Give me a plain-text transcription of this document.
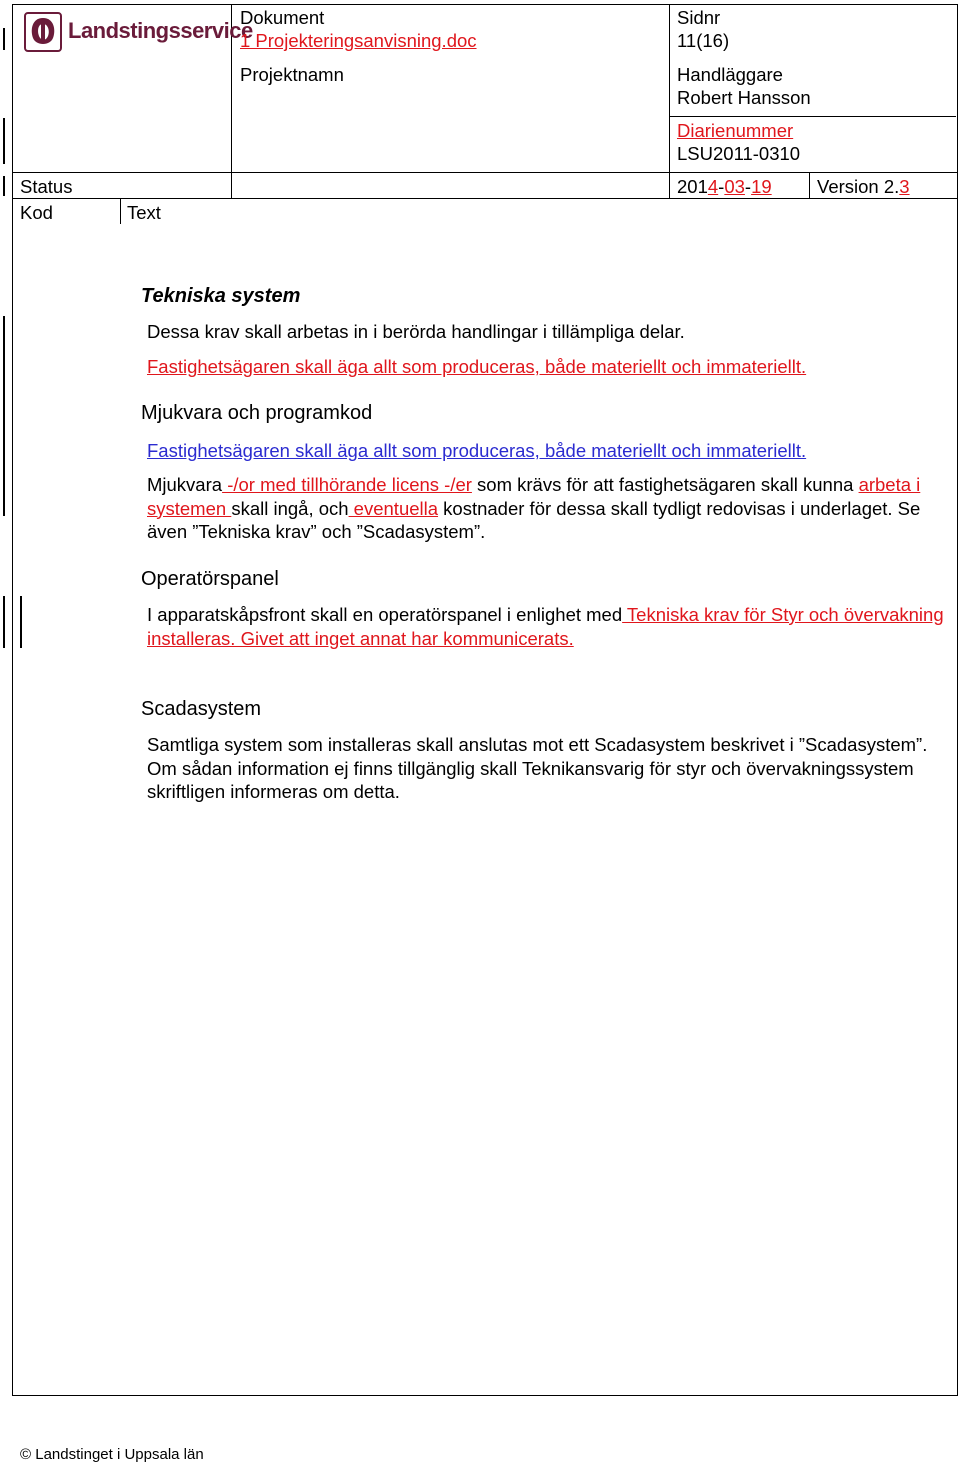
Landstingsservice
Dokument
1 Projekteringsanvisning.doc
Projektnamn
Sidnr
11(16)
Handläggare
Robert Hansson
Diarienummer
LSU2011-0310
Status	2014-03-19 Version 2.3
Kod	Text
Tekniska system
Dessa krav skall arbetas in i berörda handlingar i tillämpliga delar.
Fastighetsägaren skall äga allt som produceras, både materiellt och immateriellt.
Mjukvara och programkod
Fastighetsägaren skall äga allt som produceras, både materiellt och immateriellt.
Mjukvara -/or med tillhörande licens -/er som krävs för att fastighetsägaren skall kunna arbeta i systemen skall ingå, och eventuella kostnader för dessa skall tydligt redovisas i underlaget. Se även ”Tekniska krav” och ”Scadasystem”.
Operatörspanel
I apparatskåpsfront skall en operatörspanel i enlighet med Tekniska krav för Styr och övervakning installeras. Givet att inget annat har kommunicerats.
Scadasystem
Samtliga system som installeras skall anslutas mot ett Scadasystem beskrivet i ”Scadasystem”. Om sådan information ej finns tillgänglig skall Teknikansvarig för styr och övervakningssystem skriftligen informeras om detta.
© Landstinget i Uppsala län
